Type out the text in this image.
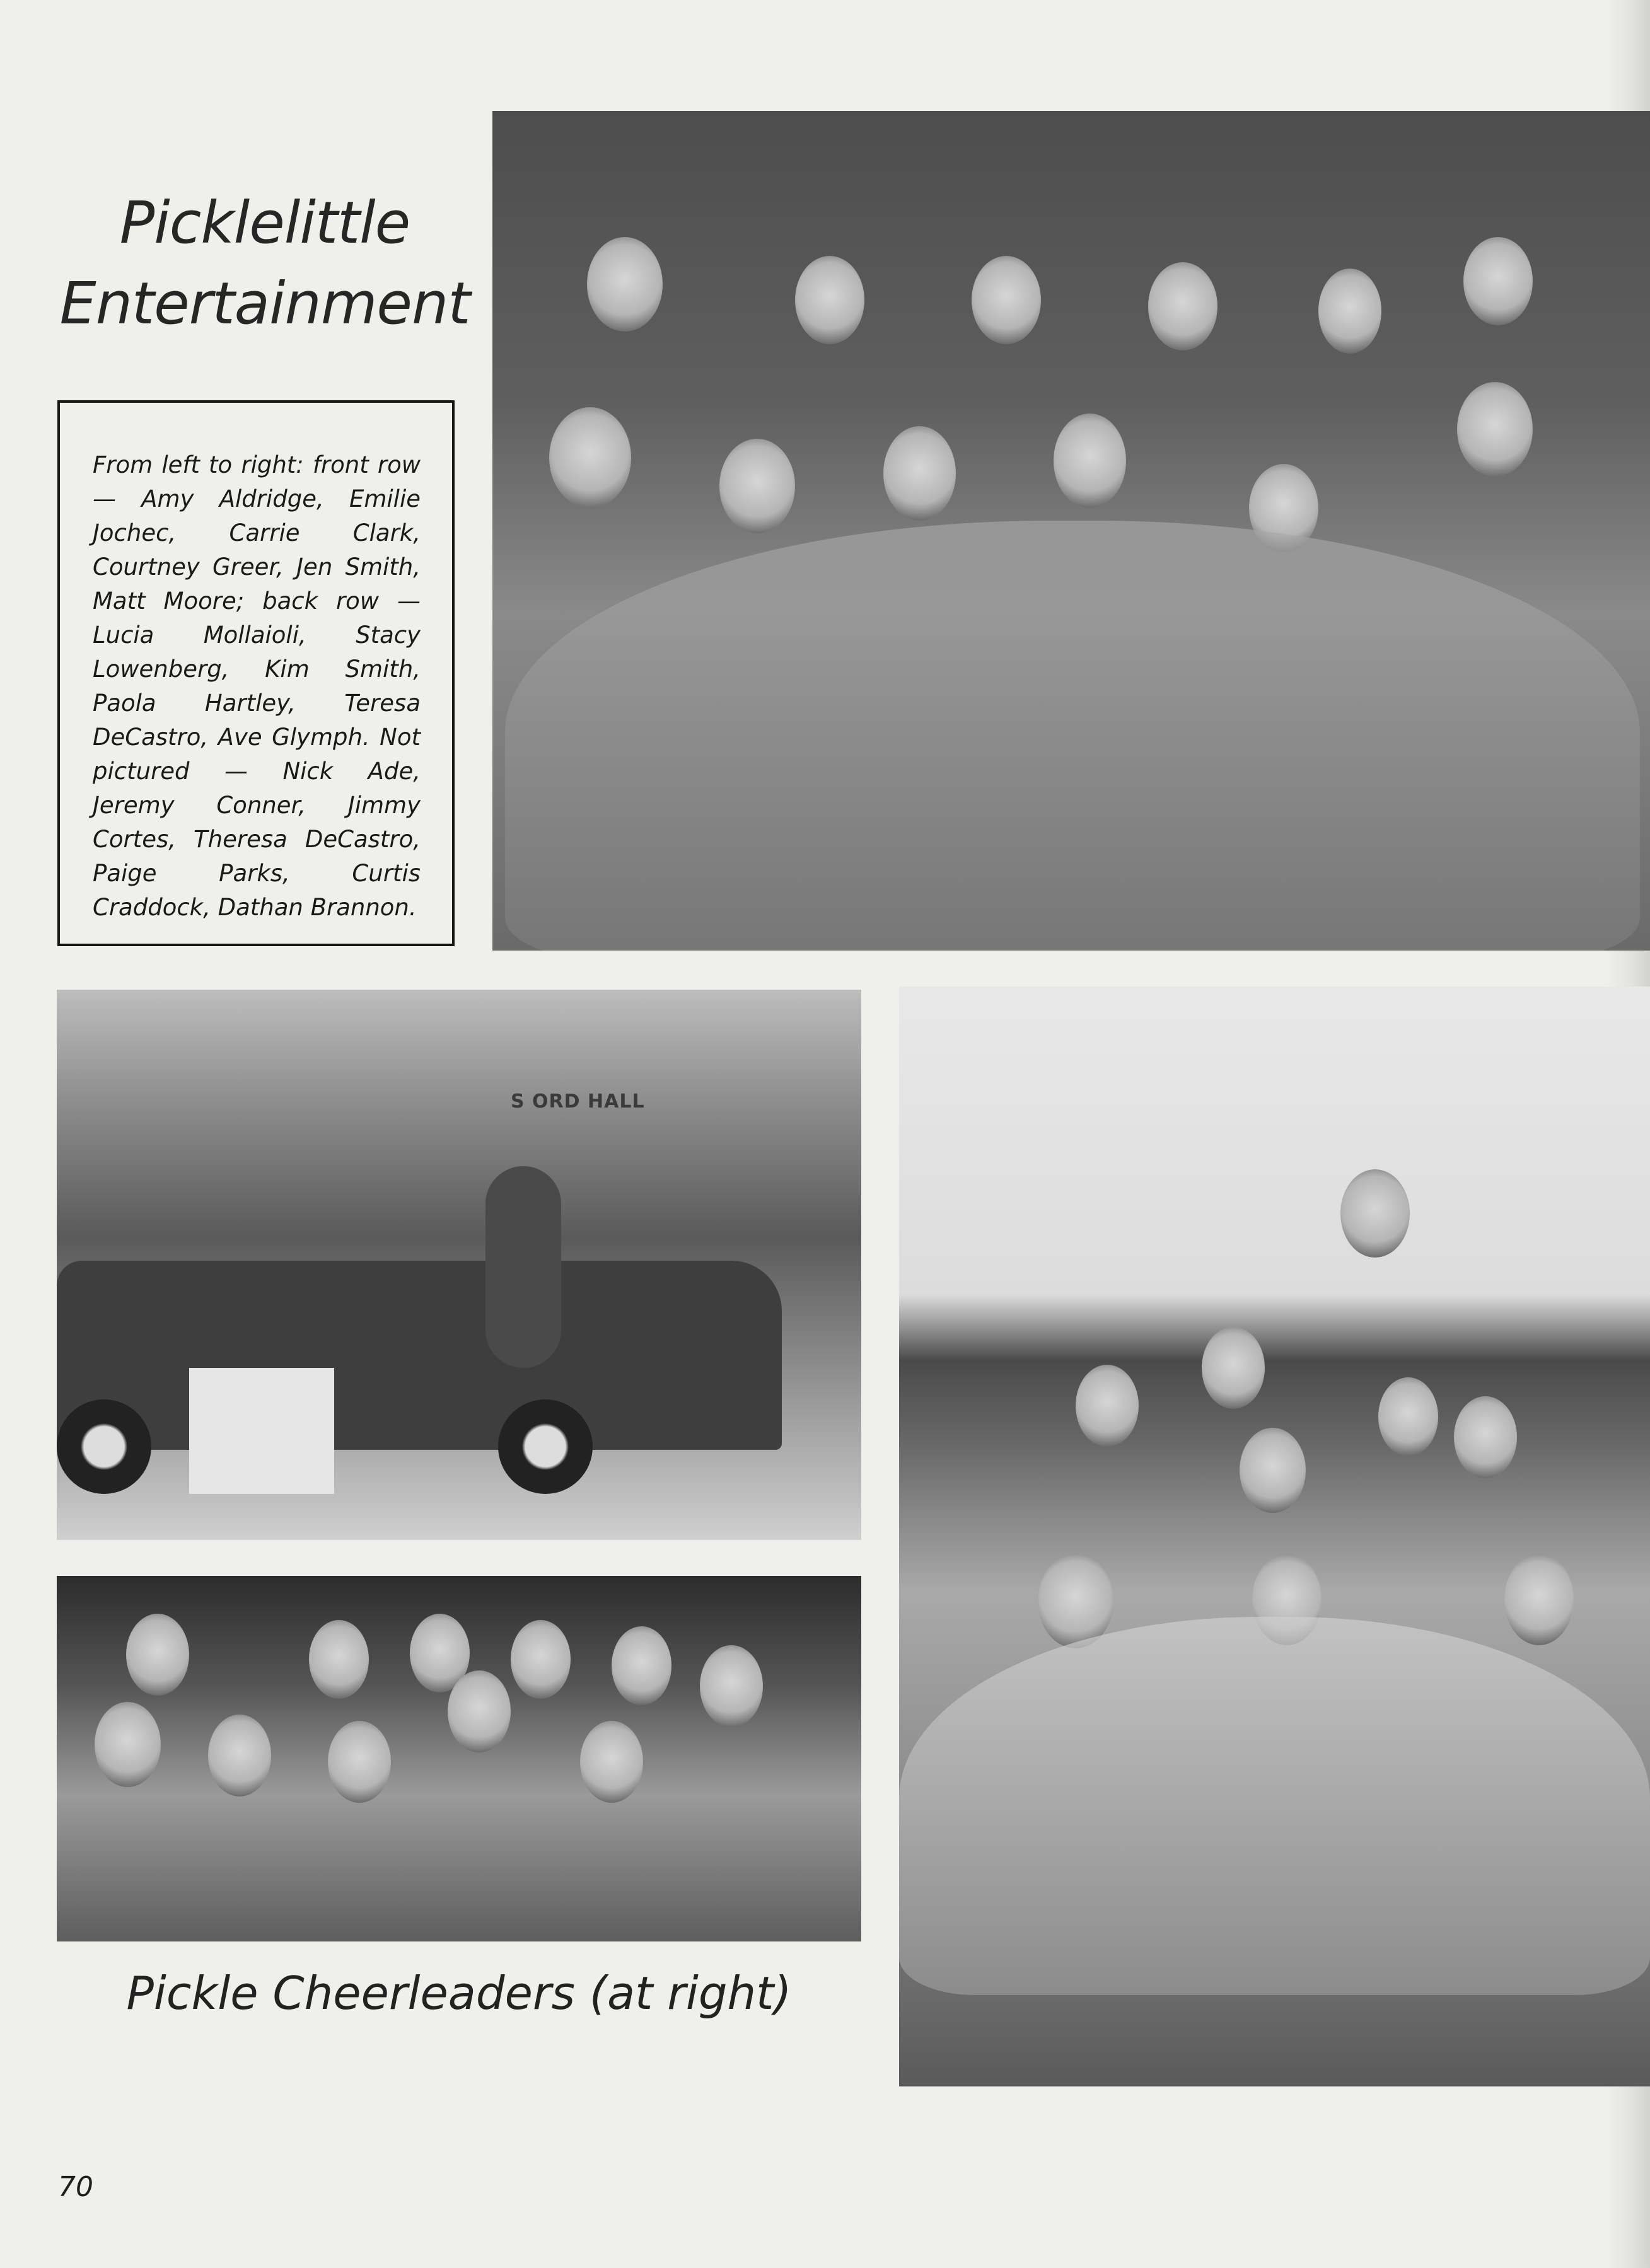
Picklelittle
Entertainment

From left to right: front row — Amy Aldridge, Emilie Jochec, Carrie Clark, Courtney Greer, Jen Smith, Matt Moore; back row — Lucia Mollaioli, Stacy Lowenberg, Kim Smith, Paola Hartley, Teresa DeCastro, Ave Glymph. Not pictured — Nick Ade, Jeremy Conner, Jimmy Cortes, Theresa DeCastro, Paige Parks, Curtis Craddock, Dathan Brannon.

S ORD HALL
Pickle Cheerleaders (at right)
70
